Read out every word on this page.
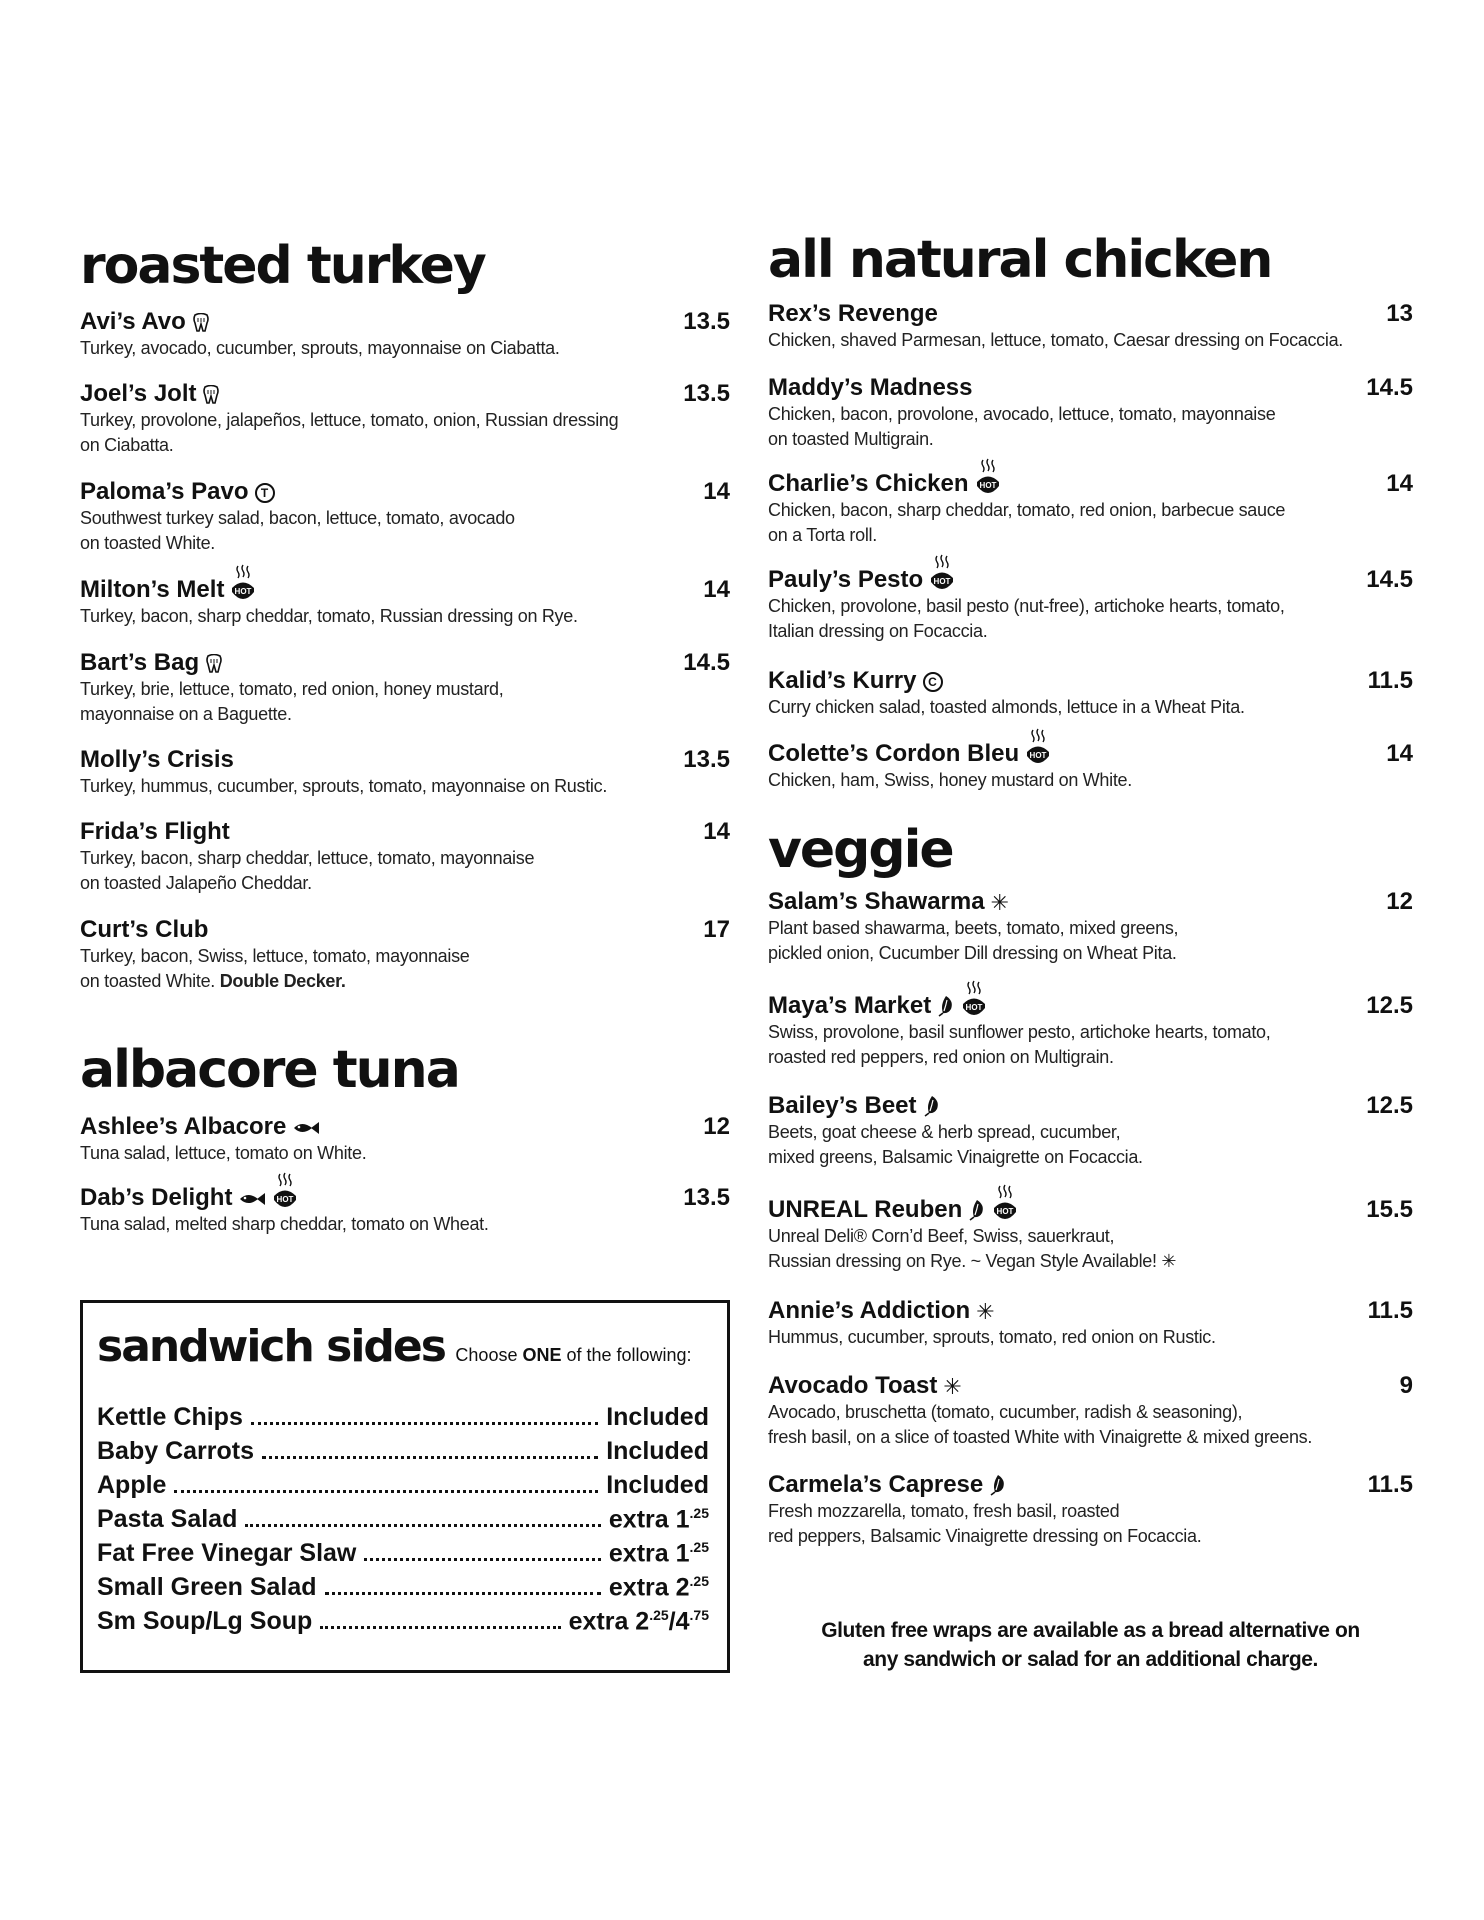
roasted turkey
Avi’s Avo	13.5
Turkey, avocado, cucumber, sprouts, mayonnaise on Ciabatta.
Joel’s Jolt	13.5
Turkey, provolone, jalapeños, lettuce, tomato, onion, Russian dressing
on Ciabatta.
Paloma’s Pavo	T	14
Southwest turkey salad, bacon, lettuce, tomato, avocado
on toasted White.
Milton’s Melt HOT	14
Turkey, bacon, sharp cheddar, tomato, Russian dressing on Rye.
Bart’s Bag	14.5
Turkey, brie, lettuce, tomato, red onion, honey mustard,
mayonnaise on a Baguette.
Molly’s Crisis	13.5
Turkey, hummus, cucumber, sprouts, tomato, mayonnaise on Rustic.
Frida’s Flight	14
Turkey, bacon, sharp cheddar, lettuce, tomato, mayonnaise
on toasted Jalapeño Cheddar.
Curt’s Club	17
Turkey, bacon, Swiss, lettuce, tomato, mayonnaise
on toasted White. Double Decker.
albacore tuna
Ashlee’s Albacore	12
Tuna salad, lettuce, tomato on White.
Dab’s Delight	HOT	13.5
Tuna salad, melted sharp cheddar, tomato on Wheat.
sandwich sides Choose ONE of the following:
Kettle Chips	Included
Baby Carrots	Included
Apple	Included
Pasta Salad	extra $1^{.25}$
Fat Free Vinegar Slaw	extra $1^{.25}$
Small Green Salad	extra $2^{.25}$
Sm Soup/Lg Soup	extra $2^{.25}/4^{.75}$
all natural chicken
Rex’s Revenge	13
Chicken, shaved Parmesan, lettuce, tomato, Caesar dressing on Focaccia.
Maddy’s Madness	14.5
Chicken, bacon, provolone, avocado, lettuce, tomato, mayonnaise
on toasted Multigrain.
Charlie’s Chicken HOT	14
Chicken, bacon, sharp cheddar, tomato, red onion, barbecue sauce
on a Torta roll.
Pauly’s Pesto HOT	14.5
Chicken, provolone, basil pesto (nut-free), artichoke hearts, tomato,
Italian dressing on Focaccia.
Kalid’s Kurry C	11.5
Curry chicken salad, toasted almonds, lettuce in a Wheat Pita.
Colette’s Cordon Bleu HOT	14
Chicken, ham, Swiss, honey mustard on White.
veggie
Salam’s Shawarma ✳	12
Plant based shawarma, beets, tomato, mixed greens,
pickled onion, Cucumber Dill dressing on Wheat Pita.
Maya’s Market	HOT	12.5
Swiss, provolone, basil sunflower pesto, artichoke hearts, tomato,
roasted red peppers, red onion on Multigrain.
Bailey’s Beet	12.5
Beets, goat cheese & herb spread, cucumber,
mixed greens, Balsamic Vinaigrette on Focaccia.
UNREAL Reuben	HOT	15.5
Unreal Deli® Corn’d Beef, Swiss, sauerkraut,
Russian dressing on Rye. ~ Vegan Style Available! ✳
Annie’s Addiction ✳	11.5
Hummus, cucumber, sprouts, tomato, red onion on Rustic.
Avocado Toast ✳	9
Avocado, bruschetta (tomato, cucumber, radish & seasoning),
fresh basil, on a slice of toasted White with Vinaigrette & mixed greens.
Carmela’s Caprese	11.5
Fresh mozzarella, tomato, fresh basil, roasted
red peppers, Balsamic Vinaigrette dressing on Focaccia.
Gluten free wraps are available as a bread alternative on
any sandwich or salad for an additional charge.
